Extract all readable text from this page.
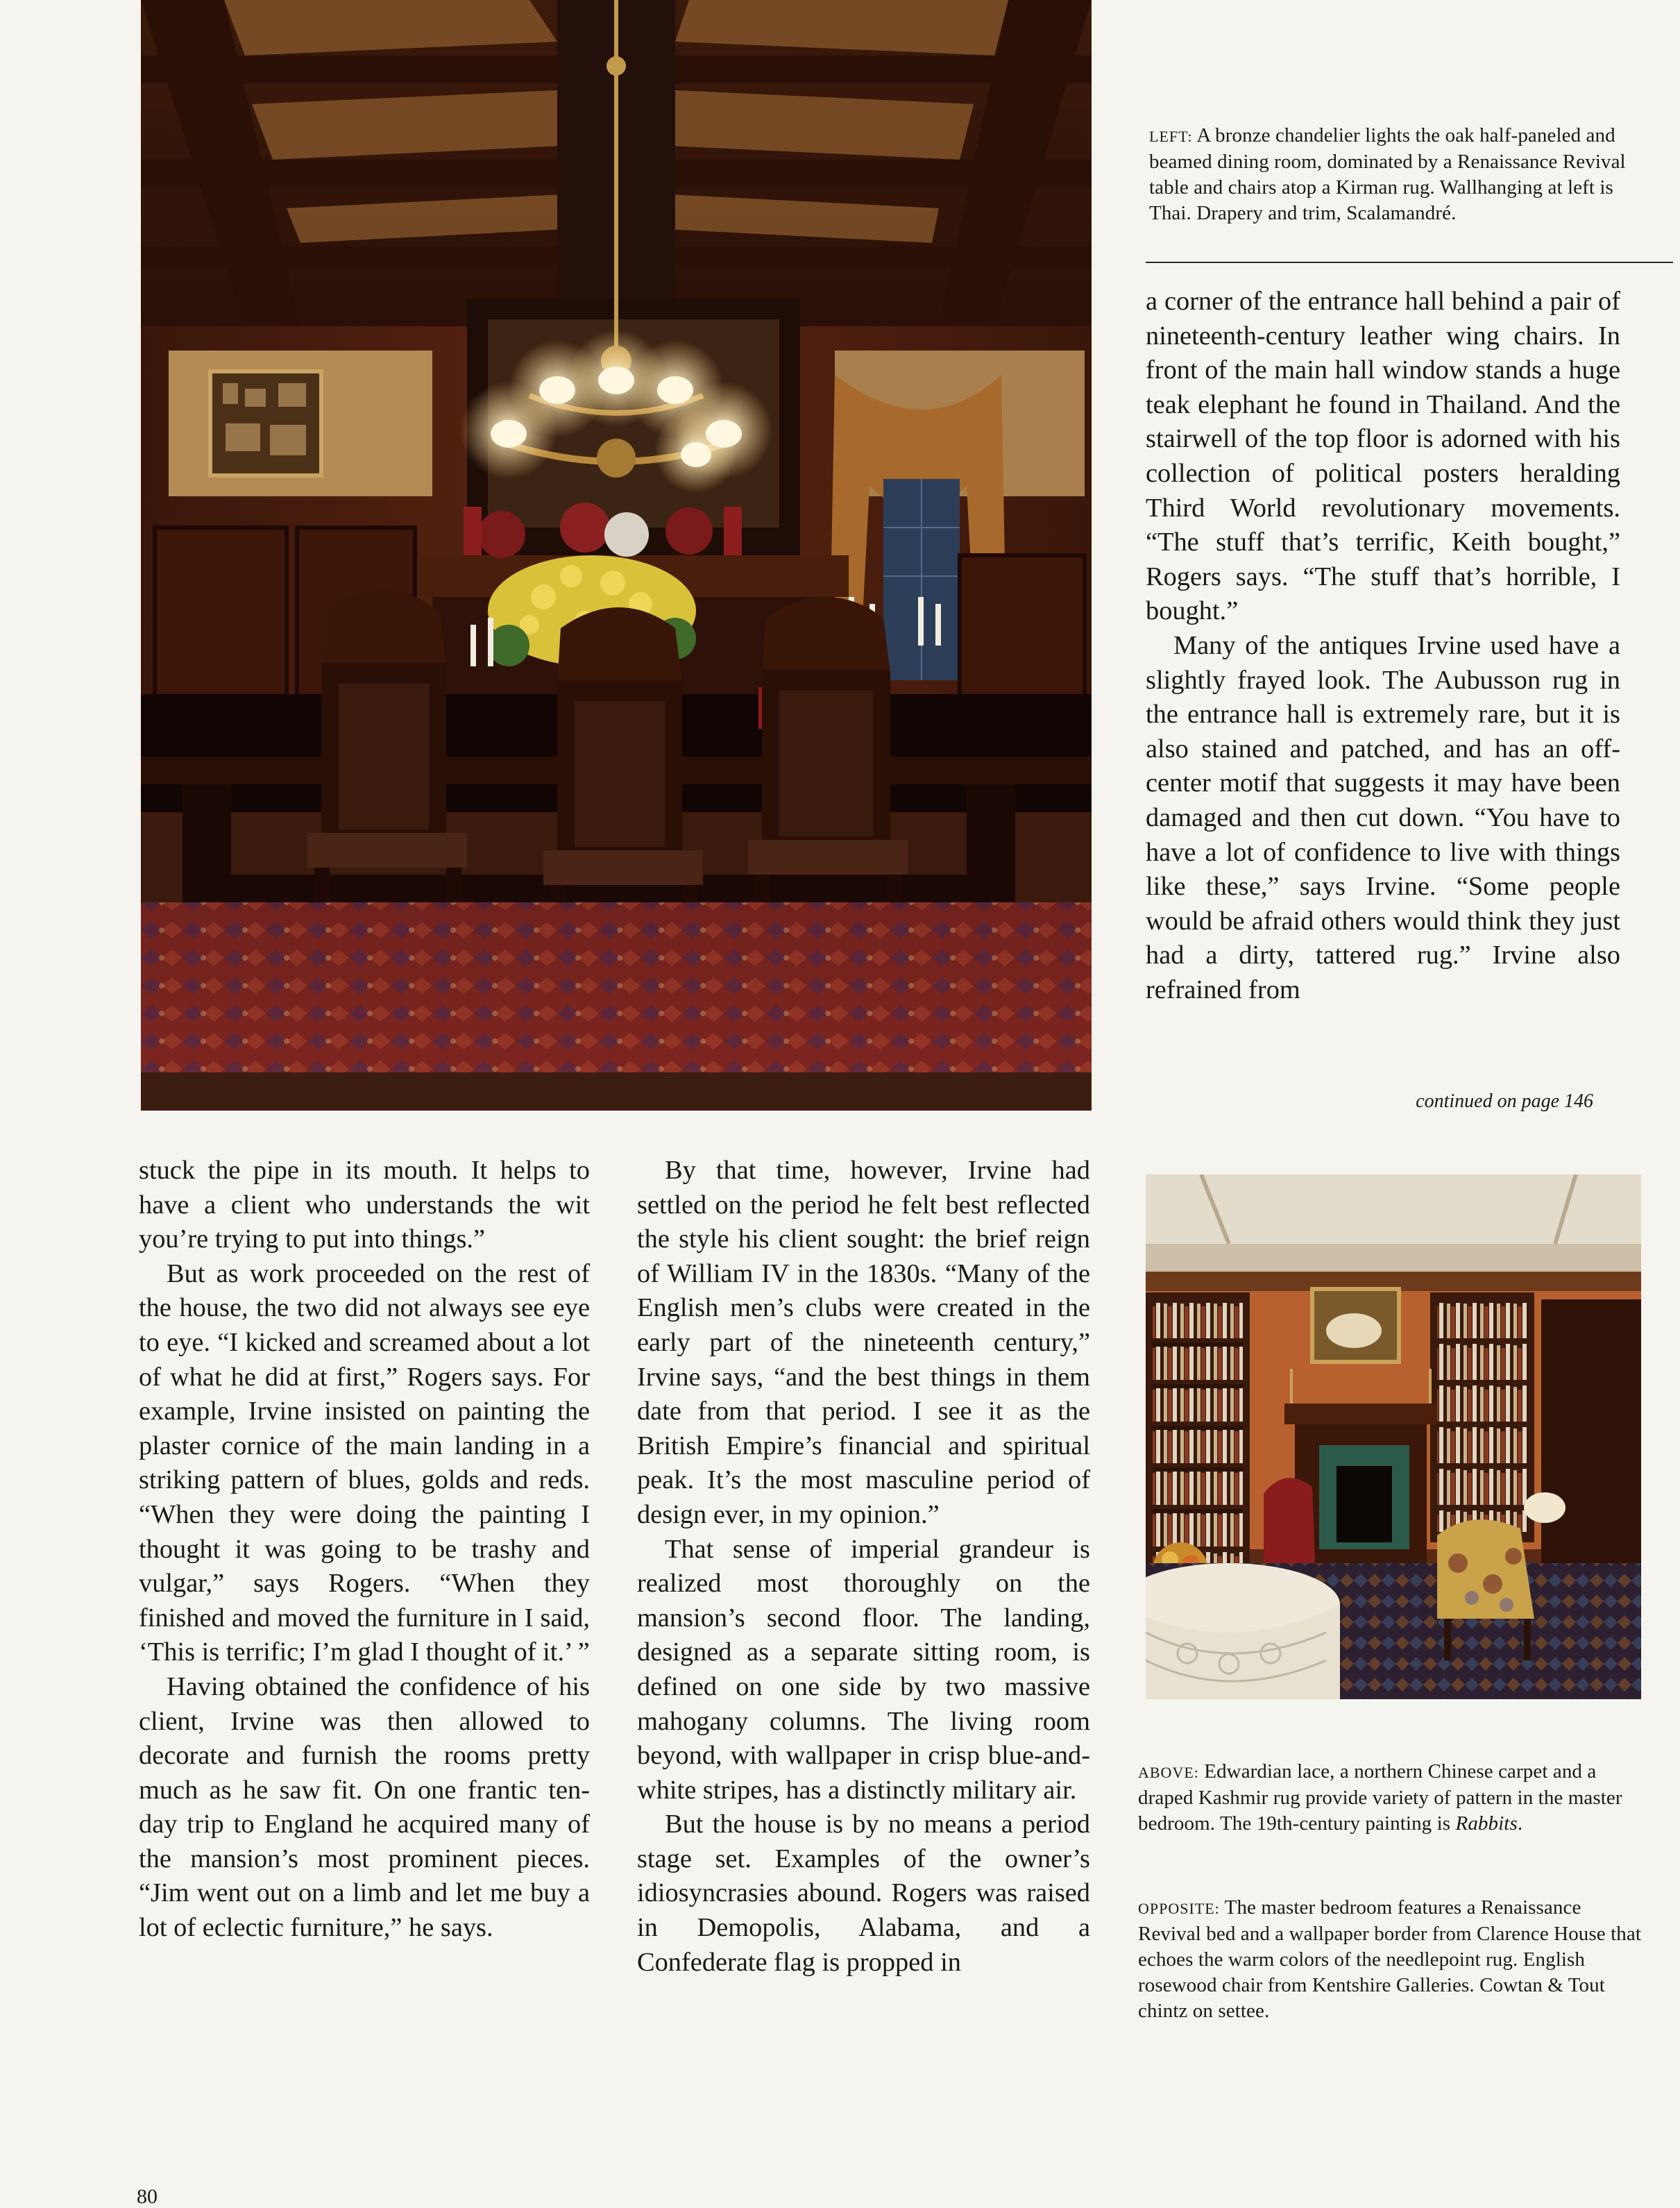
LEFT: A bronze chandelier lights the oak half-paneled and beamed dining room, dominated by a Renaissance Revival table and chairs atop a Kirman rug. Wallhanging at left is Thai. Drapery and trim, Scalamandré.

a corner of the entrance hall behind a pair of nineteenth-century leather wing chairs. In front of the main hall window stands a huge teak elephant he found in Thailand. And the stairwell of the top floor is adorned with his collection of political posters heralding Third World revolutionary movements. “The stuff that’s terrific, Keith bought,” Rogers says. “The stuff that’s horrible, I bought.”

Many of the antiques Irvine used have a slightly frayed look. The Aubusson rug in the entrance hall is extremely rare, but it is also stained and patched, and has an off-center motif that suggests it may have been damaged and then cut down. “You have to have a lot of confidence to live with things like these,” says Irvine. “Some people would be afraid others would think they just had a dirty, tattered rug.” Irvine also refrained from

continued on page 146

stuck the pipe in its mouth. It helps to have a client who understands the wit you’re trying to put into things.”

But as work proceeded on the rest of the house, the two did not always see eye to eye. “I kicked and screamed about a lot of what he did at first,” Rogers says. For example, Irvine insisted on painting the plaster cornice of the main landing in a striking pattern of blues, golds and reds. “When they were doing the painting I thought it was going to be trashy and vulgar,” says Rogers. “When they finished and moved the furniture in I said, ‘This is terrific; I’m glad I thought of it.’ ”

Having obtained the confidence of his client, Irvine was then allowed to decorate and furnish the rooms pretty much as he saw fit. On one frantic ten-day trip to England he acquired many of the mansion’s most prominent pieces. “Jim went out on a limb and let me buy a lot of eclectic furniture,” he says.

By that time, however, Irvine had settled on the period he felt best reflected the style his client sought: the brief reign of William IV in the 1830s. “Many of the English men’s clubs were created in the early part of the nineteenth century,” Irvine says, “and the best things in them date from that period. I see it as the British Empire’s financial and spiritual peak. It’s the most masculine period of design ever, in my opinion.”

That sense of imperial grandeur is realized most thoroughly on the mansion’s second floor. The landing, designed as a separate sitting room, is defined on one side by two massive mahogany columns. The living room beyond, with wallpaper in crisp blue-and-white stripes, has a distinctly military air.

But the house is by no means a period stage set. Examples of the owner’s idiosyncrasies abound. Rogers was raised in Demopolis, Alabama, and a Confederate flag is propped in

ABOVE: Edwardian lace, a northern Chinese carpet and a draped Kashmir rug provide variety of pattern in the master bedroom. The 19th-century painting is Rabbits.

OPPOSITE: The master bedroom features a Renaissance Revival bed and a wallpaper border from Clarence House that echoes the warm colors of the needlepoint rug. English rosewood chair from Kentshire Galleries. Cowtan & Tout chintz on settee.

80
